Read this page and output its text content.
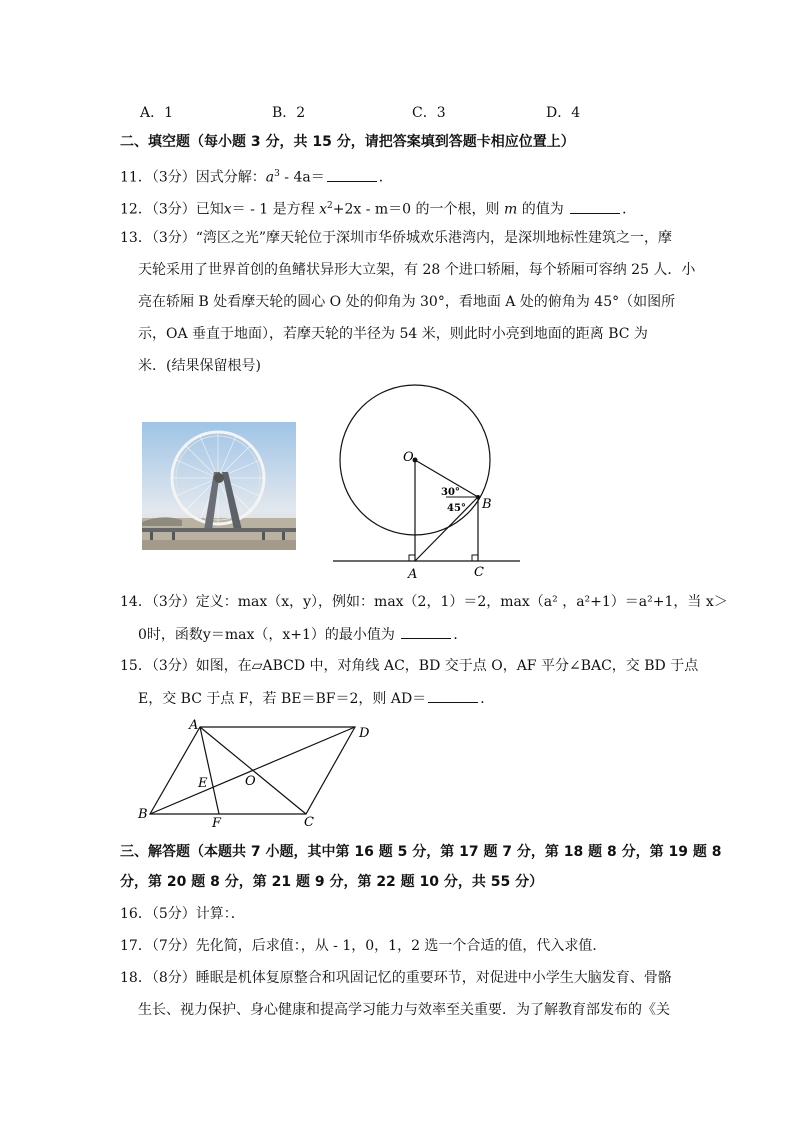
A．1	B．2	C．3	D．4
二、填空题（每小题 3 分，共 15 分，请把答案填到答题卡相应位置上）
11．（3分）因式分解：$a^3 - 4a=$	．
12．（3分）已知x＝ - 1 是方程 $x^2+2x - m=0$ 的一个根，则 m 的值为	．
13．（3分）“湾区之光”摩天轮位于深圳市华侨城欢乐港湾内，是深圳地标性建筑之一，摩
天轮采用了世界首创的鱼鳍状异形大立架，有 28 个进口轿厢，每个轿厢可容纳 25 人．小
亮在轿厢 B 处看摩天轮的圆心 O 处的仰角为 30°，看地面 A 处的俯角为 45°（如图所
示，OA 垂直于地面），若摩天轮的半径为 54 米，则此时小亮到地面的距离 BC 为
米．(结果保留根号)
O
B
A	C
30°
45°
14．（3分）定义：max（x，y），例如：max（2，1）＝2，max（a² ，a²+1）＝a²+1，当 x＞
0时，函数y＝max（，x+1）的最小值为	．
15．（3分）如图，在▱ABCD 中，对角线 AC，BD 交于点 O，AF 平分∠BAC，交 BD 于点
E，交 BC 于点 F，若 BE＝BF＝2，则 AD＝	．
A
D
B
C
E	O
F
三、解答题（本题共 7 小题，其中第 16 题 5 分，第 17 题 7 分，第 18 题 8 分，第 19 题 8
分，第 20 题 8 分，第 21 题 9 分，第 22 题 10 分，共 55 分）
16．（5分）计算：．
17．（7分）先化简，后求值：，从 - 1，0，1，2 选一个合适的值，代入求值．
18．（8分）睡眠是机体复原整合和巩固记忆的重要环节，对促进中小学生大脑发育、骨骼
生长、视力保护、身心健康和提高学习能力与效率至关重要．为了解教育部发布的《关
